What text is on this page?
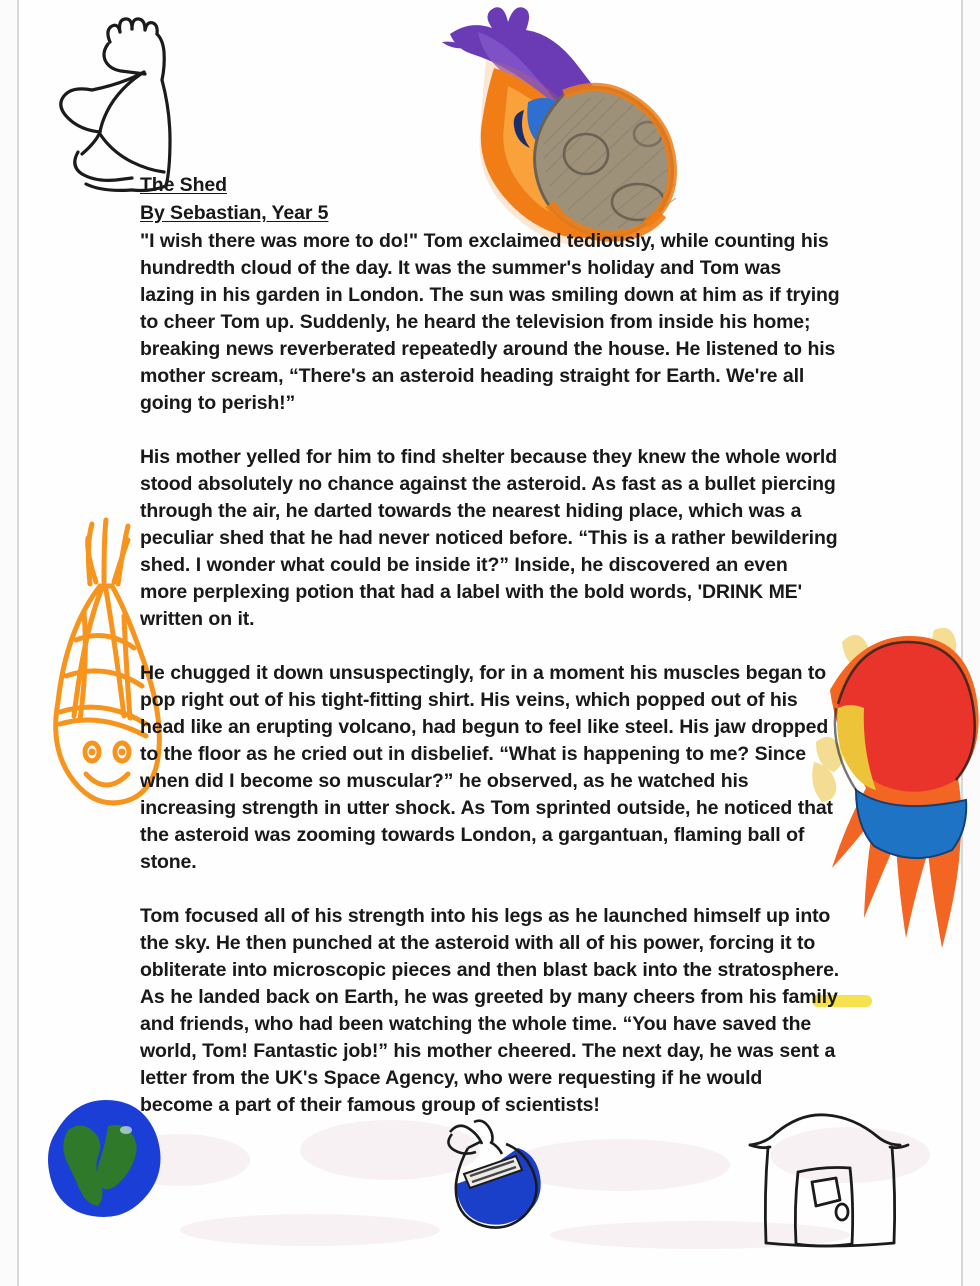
The Shed
By Sebastian, Year 5

"I wish there was more to do!" Tom exclaimed tediously, while counting his hundredth cloud of the day. It was the summer's holiday and Tom was lazing in his garden in London. The sun was smiling down at him as if trying to cheer Tom up. Suddenly, he heard the television from inside his home; breaking news reverberated repeatedly around the house. He listened to his mother scream, “There's an asteroid heading straight for Earth. We're all going to perish!”

His mother yelled for him to find shelter because they knew the whole world stood absolutely no chance against the asteroid. As fast as a bullet piercing through the air, he darted towards the nearest hiding place, which was a peculiar shed that he had never noticed before. “This is a rather bewildering shed. I wonder what could be inside it?” Inside, he discovered an even more perplexing potion that had a label with the bold words, 'DRINK ME' written on it.

He chugged it down unsuspectingly, for in a moment his muscles began to pop right out of his tight-fitting shirt. His veins, which popped out of his head like an erupting volcano, had begun to feel like steel. His jaw dropped to the floor as he cried out in disbelief. “What is happening to me? Since when did I become so muscular?” he observed, as he watched his increasing strength in utter shock. As Tom sprinted outside, he noticed that the asteroid was zooming towards London, a gargantuan, flaming ball of stone.

Tom focused all of his strength into his legs as he launched himself up into the sky. He then punched at the asteroid with all of his power, forcing it to obliterate into microscopic pieces and then blast back into the stratosphere. As he landed back on Earth, he was greeted by many cheers from his family and friends, who had been watching the whole time. “You have saved the world, Tom! Fantastic job!” his mother cheered. The next day, he was sent a letter from the UK's Space Agency, who were requesting if he would become a part of their famous group of scientists!
